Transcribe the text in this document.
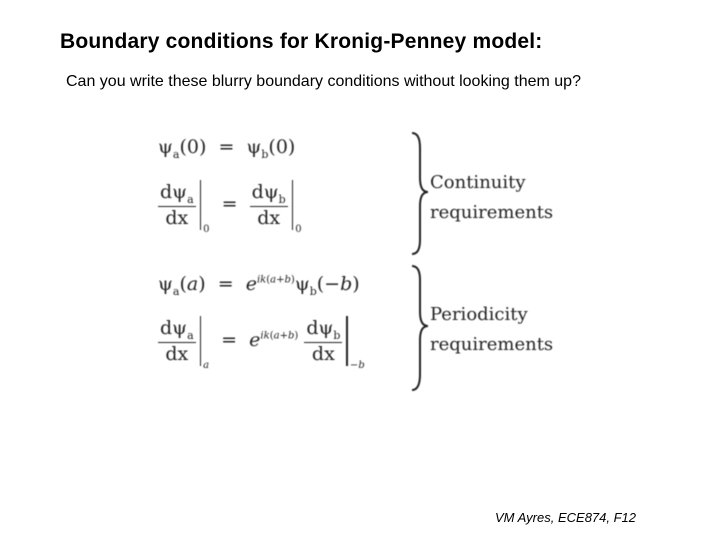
Boundary conditions for Kronig-Penney model:
Can you write these blurry boundary conditions without looking them up?
$\psi_a(0) = \psi_b(0)$
$\frac{d\psi_a}{dx}$
$_0 = \frac{d\psi_b}{dx}$
$_0$
$\psi_a(a) = e^{ik(a+b)}\psi_b(-b)$
$\frac{d\psi_a}{dx}$
$_a = e^{ik(a+b)} \frac{d\psi_b}{dx}$
$_{-b}$
Continuity
requirements
Periodicity
requirements
VM Ayres, ECE874, F12
